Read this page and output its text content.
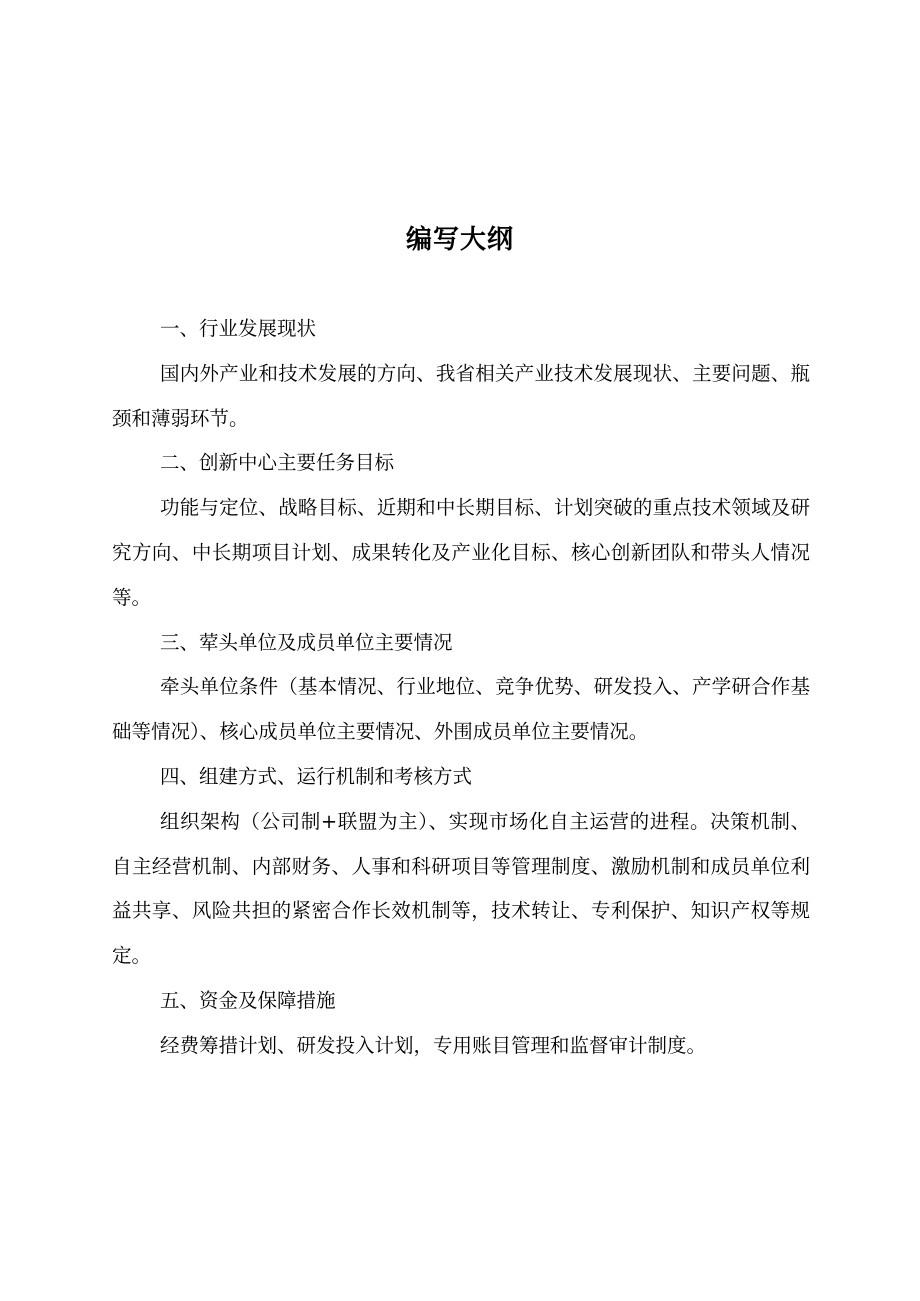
编写大纲
一、行业发展现状

国内外产业和技术发展的方向、我省相关产业技术发展现状、主要问题、瓶颈和薄弱环节。

二、创新中心主要任务目标

功能与定位、战略目标、近期和中长期目标、计划突破的重点技术领域及研究方向、中长期项目计划、成果转化及产业化目标、核心创新团队和带头人情况等。

三、荤头单位及成员单位主要情况

牵头单位条件（基本情况、行业地位、竞争优势、研发投入、产学研合作基础等情况）、核心成员单位主要情况、外围成员单位主要情况。

四、组建方式、运行机制和考核方式

组织架构（公司制+联盟为主）、实现市场化自主运营的进程。决策机制、自主经营机制、内部财务、人事和科研项目等管理制度、激励机制和成员单位利益共享、风险共担的紧密合作长效机制等，技术转让、专利保护、知识产权等规定。

五、资金及保障措施

经费筹措计划、研发投入计划，专用账目管理和监督审计制度。
